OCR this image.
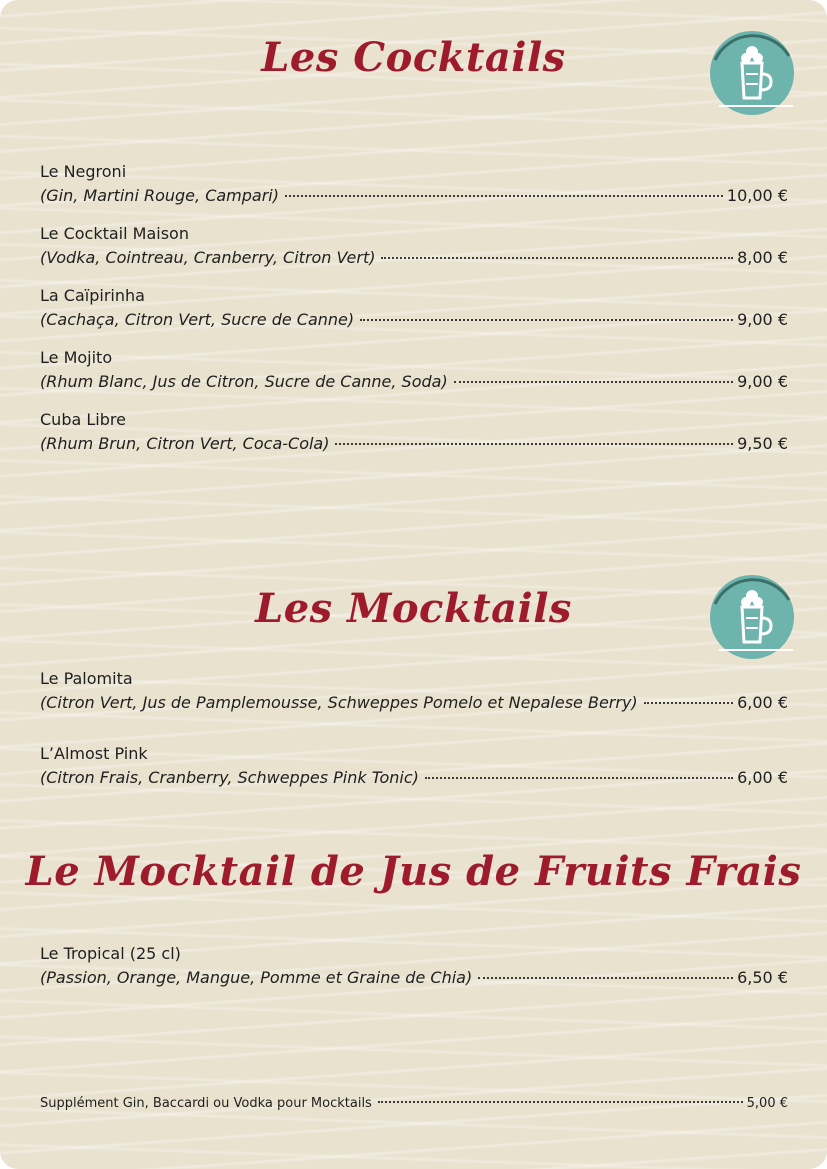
Les Cocktails
Le Negroni
(Gin, Martini Rouge, Campari)	10,00 €
Le Cocktail Maison
(Vodka, Cointreau, Cranberry, Citron Vert)	8,00 €
La Caïpirinha
(Cachaça, Citron Vert, Sucre de Canne)	9,00 €
Le Mojito
(Rhum Blanc, Jus de Citron, Sucre de Canne, Soda)	9,00 €
Cuba Libre
(Rhum Brun, Citron Vert, Coca-Cola)	9,50 €
Les Mocktails
Le Palomita
(Citron Vert, Jus de Pamplemousse, Schweppes Pomelo et Nepalese Berry)	6,00 €
L’Almost Pink
(Citron Frais, Cranberry, Schweppes Pink Tonic)	6,00 €
Le Mocktail de Jus de Fruits Frais
Le Tropical (25 cl)
(Passion, Orange, Mangue, Pomme et Graine de Chia)	6,50 €
Supplément Gin, Baccardi ou Vodka pour Mocktails	5,00 €
